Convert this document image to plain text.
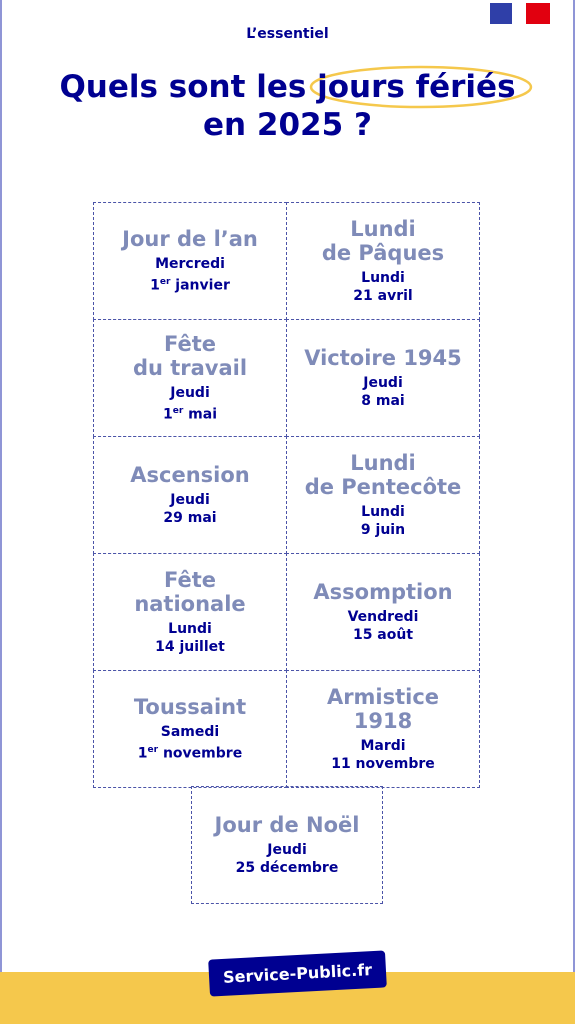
L’essentiel
Quels sont les
jours fériés
en 2025 ?
Jour de l’an
Mercredi
1er janvier
Lundi
de Pâques
Lundi
21 avril
Fête
du travail
Jeudi
1er mai
Victoire 1945
Jeudi
8 mai
Ascension
Jeudi
29 mai
Lundi
de Pentecôte
Lundi
9 juin
Fête
nationale
Lundi
14 juillet
Assomption
Vendredi
15 août
Toussaint
Samedi
1er novembre
Armistice
1918
Mardi
11 novembre
Jour de Noël
Jeudi
25 décembre
Service-Public.fr
